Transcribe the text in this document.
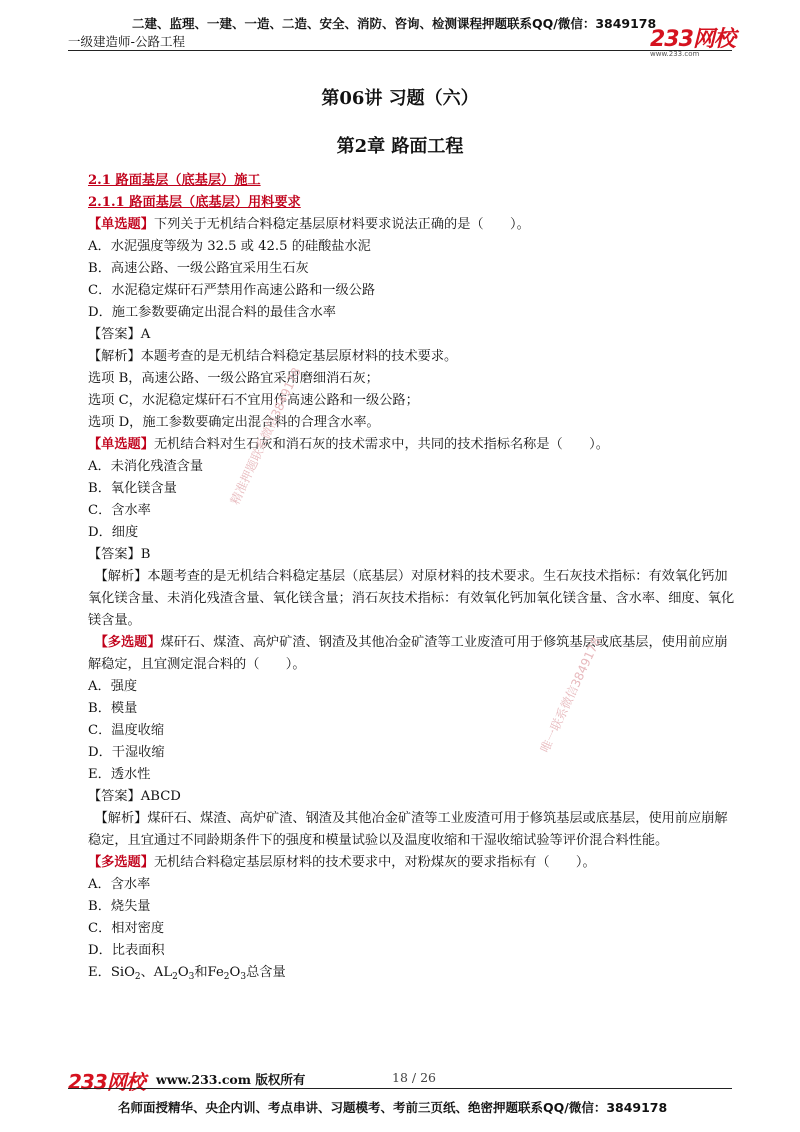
二建、监理、一建、一造、二造、安全、消防、咨询、检测课程押题联系QQ/微信：3849178
一级建造师-公路工程	233网校
www.233.com
第06讲 习题（六）
第2章 路面工程

2.1 路面基层（底基层）施工

2.1.1 路面基层（底基层）用料要求

【单选题】下列关于无机结合料稳定基层原材料要求说法正确的是（　　）。

A．水泥强度等级为 32.5 或 42.5 的硅酸盐水泥

B．高速公路、一级公路宜采用生石灰

C．水泥稳定煤矸石严禁用作高速公路和一级公路

D．施工参数要确定出混合料的最佳含水率

【答案】A

【解析】本题考查的是无机结合料稳定基层原材料的技术要求。

选项 B，高速公路、一级公路宜采用磨细消石灰；

选项 C，水泥稳定煤矸石不宜用作高速公路和一级公路；

选项 D，施工参数要确定出混合料的合理含水率。

【单选题】无机结合料对生石灰和消石灰的技术需求中，共同的技术指标名称是（　　）。

A．未消化残渣含量

B．氧化镁含量

C．含水率

D．细度

【答案】B

　【解析】本题考查的是无机结合料稳定基层（底基层）对原材料的技术要求。生石灰技术指标：有效氧化钙加氧化镁含量、未消化残渣含量、氧化镁含量；消石灰技术指标：有效氧化钙加氧化镁含量、含水率、细度、氧化镁含量。

　【多选题】煤矸石、煤渣、高炉矿渣、钢渣及其他冶金矿渣等工业废渣可用于修筑基层或底基层，使用前应崩解稳定，且宜测定混合料的（　　）。

A．强度

B．模量

C．温度收缩

D．干湿收缩

E．透水性

【答案】ABCD

　【解析】煤矸石、煤渣、高炉矿渣、钢渣及其他冶金矿渣等工业废渣可用于修筑基层或底基层，使用前应崩解稳定，且宜通过不同龄期条件下的强度和模量试验以及温度收缩和干湿收缩试验等评价混合料性能。

【多选题】无机结合料稳定基层原材料的技术要求中，对粉煤灰的要求指标有（　　）。

A．含水率

B．烧失量

C．相对密度

D．比表面积

E．SiO$_2$、$AL_2O_3$和$Fe_2O_3$总含量

精准押题联系微信3849178
唯一联系微信3849178
233网校 www.233.com 版权所有	18 / 26
名师面授精华、央企内训、考点串讲、习题模考、考前三页纸、绝密押题联系QQ/微信：3849178
